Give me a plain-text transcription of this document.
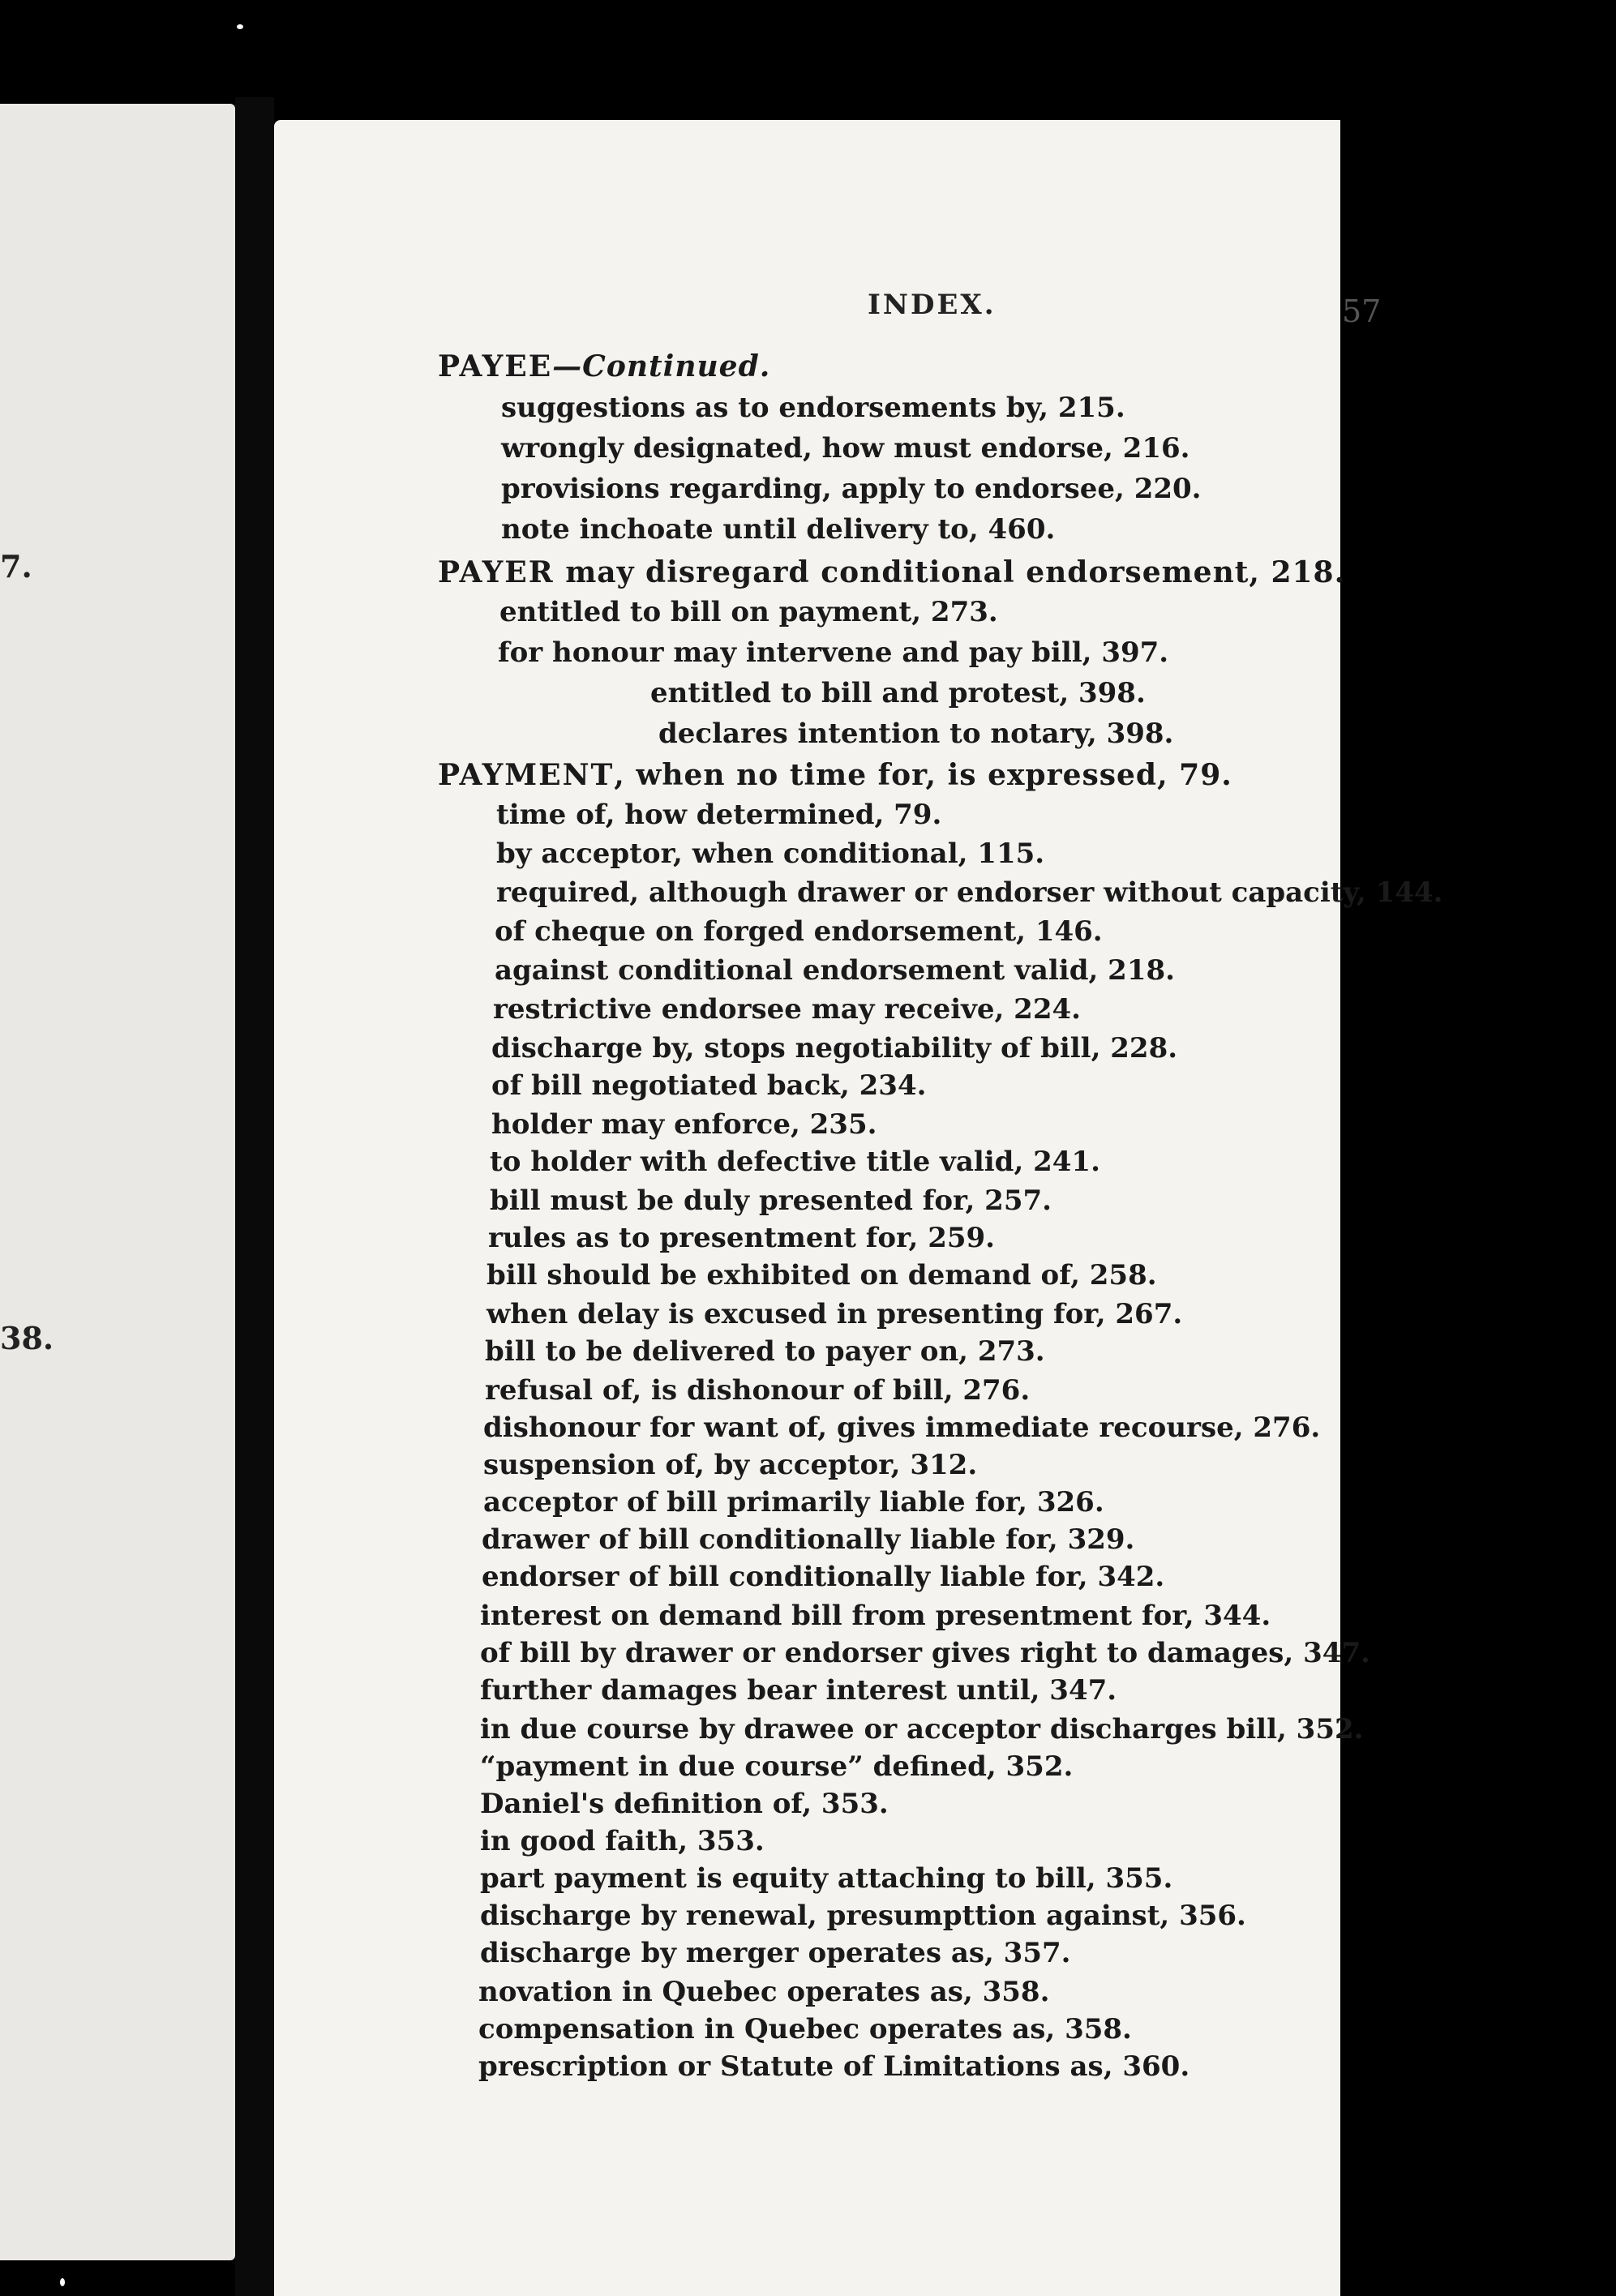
7.
38.
INDEX.	57
PAYEE—Continued.
suggestions as to endorsements by, 215.
wrongly designated, how must endorse, 216.
provisions regarding, apply to endorsee, 220.
note inchoate until delivery to, 460.
PAYER may disregard conditional endorsement, 218.
entitled to bill on payment, 273.
for honour may intervene and pay bill, 397.
entitled to bill and protest, 398.
declares intention to notary, 398.
PAYMENT, when no time for, is expressed, 79.
time of, how determined, 79.
by acceptor, when conditional, 115.
required, although drawer or endorser without capacity, 144.
of cheque on forged endorsement, 146.
against conditional endorsement valid, 218.
restrictive endorsee may receive, 224.
discharge by, stops negotiability of bill, 228.
of bill negotiated back, 234.
holder may enforce, 235.
to holder with defective title valid, 241.
bill must be duly presented for, 257.
rules as to presentment for, 259.
bill should be exhibited on demand of, 258.
when delay is excused in presenting for, 267.
bill to be delivered to payer on, 273.
refusal of, is dishonour of bill, 276.
dishonour for want of, gives immediate recourse, 276.
suspension of, by acceptor, 312.
acceptor of bill primarily liable for, 326.
drawer of bill conditionally liable for, 329.
endorser of bill conditionally liable for, 342.
interest on demand bill from presentment for, 344.
of bill by drawer or endorser gives right to damages, 347.
further damages bear interest until, 347.
in due course by drawee or acceptor discharges bill, 352.
“payment in due course” defined, 352.
Daniel's definition of, 353.
in good faith, 353.
part payment is equity attaching to bill, 355.
discharge by renewal, presumpttion against, 356.
discharge by merger operates as, 357.
novation in Quebec operates as, 358.
compensation in Quebec operates as, 358.
prescription or Statute of Limitations as, 360.
